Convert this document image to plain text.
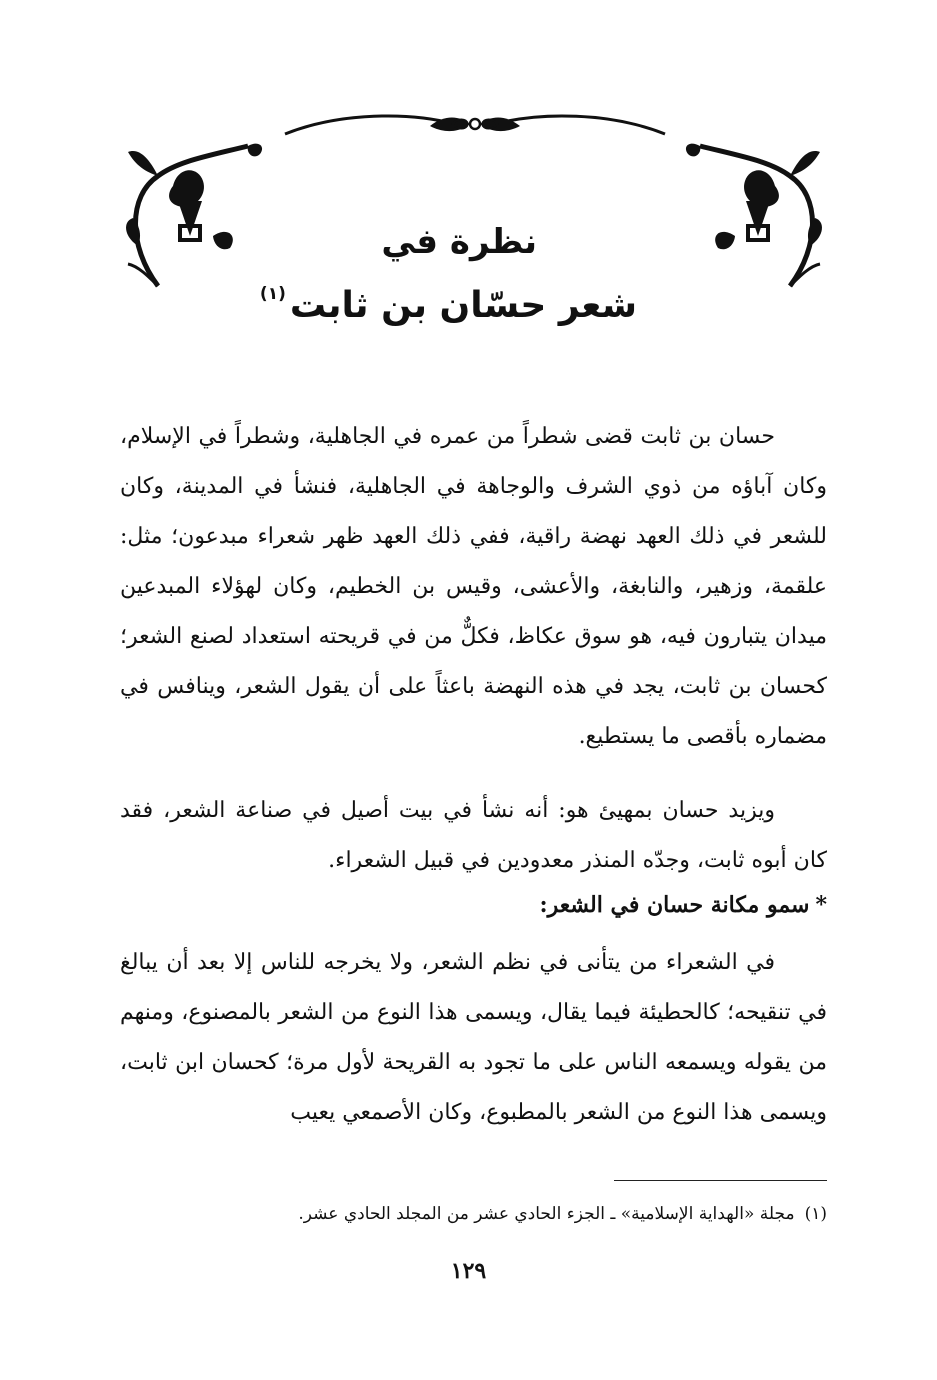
نظرة في
شعر حسّان بن ثابت$^{(١)}$

حسان بن ثابت قضى شطراً من عمره في الجاهلية، وشطراً في الإسلام، وكان آباؤه من ذوي الشرف والوجاهة في الجاهلية، فنشأ في المدينة، وكان للشعر في ذلك العهد نهضة راقية، ففي ذلك العهد ظهر شعراء مبدعون؛ مثل: علقمة، وزهير، والنابغة، والأعشى، وقيس بن الخطيم، وكان لهؤلاء المبدعين ميدان يتبارون فيه، هو سوق عكاظ، فكلٌّ من في قريحته استعداد لصنع الشعر؛ كحسان بن ثابت، يجد في هذه النهضة باعثاً على أن يقول الشعر، وينافس في مضماره بأقصى ما يستطيع.

ويزيد حسان بمهيئ هو: أنه نشأ في بيت أصيل في صناعة الشعر، فقد كان أبوه ثابت، وجدّه المنذر معدودين في قبيل الشعراء.

*سمو مكانة حسان في الشعر:

في الشعراء من يتأنى في نظم الشعر، ولا يخرجه للناس إلا بعد أن يبالغ في تنقيحه؛ كالحطيئة فيما يقال، ويسمى هذا النوع من الشعر بالمصنوع، ومنهم من يقوله ويسمعه الناس على ما تجود به القريحة لأول مرة؛ كحسان ابن ثابت، ويسمى هذا النوع من الشعر بالمطبوع، وكان الأصمعي يعيب

(١)مجلة «الهداية الإسلامية» ـ الجزء الحادي عشر من المجلد الحادي عشر.
١٢٩
